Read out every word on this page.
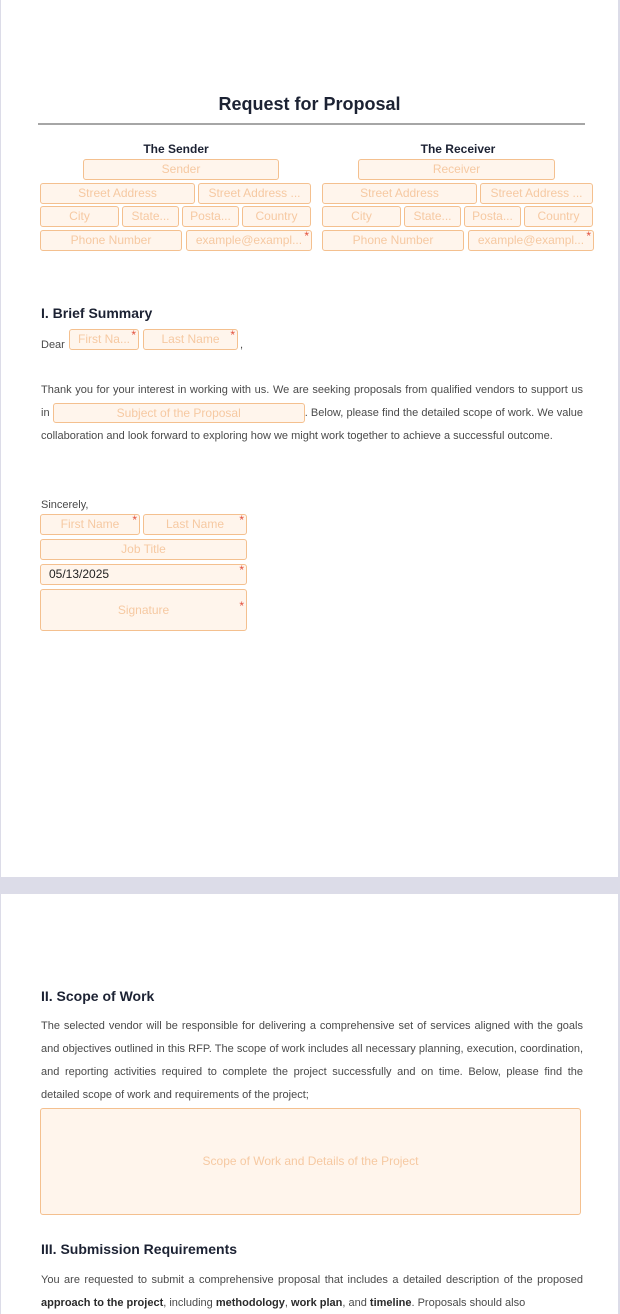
Request for Proposal
The Sender
Sender
Street Address	Street Address ...
City	State...	Posta...	Country
Phone Number	example@exampl... *
The Receiver
Receiver
Street Address	Street Address ...
City	State...	Posta...	Country
Phone Number	example@exampl... *
I. Brief Summary
Dear	First Na... *	Last Name *	,
Thank you for your interest in working with us. We are seeking proposals from qualified vendors to support us in	Subject of the Proposal	. Below, please find the detailed scope of work. We value collaboration and look forward to exploring how we might work together to achieve a successful outcome.
Sincerely,
First Name *	Last Name *
Job Title
05/13/2025 *
Signature *
II. Scope of Work
The selected vendor will be responsible for delivering a comprehensive set of services aligned with the goals and objectives outlined in this RFP. The scope of work includes all necessary planning, execution, coordination, and reporting activities required to complete the project successfully and on time. Below, please find the detailed scope of work and requirements of the project;
Scope of Work and Details of the Project
III. Submission Requirements
You are requested to submit a comprehensive proposal that includes a detailed description of the proposed approach to the project, including methodology, work plan, and timeline. Proposals should also
